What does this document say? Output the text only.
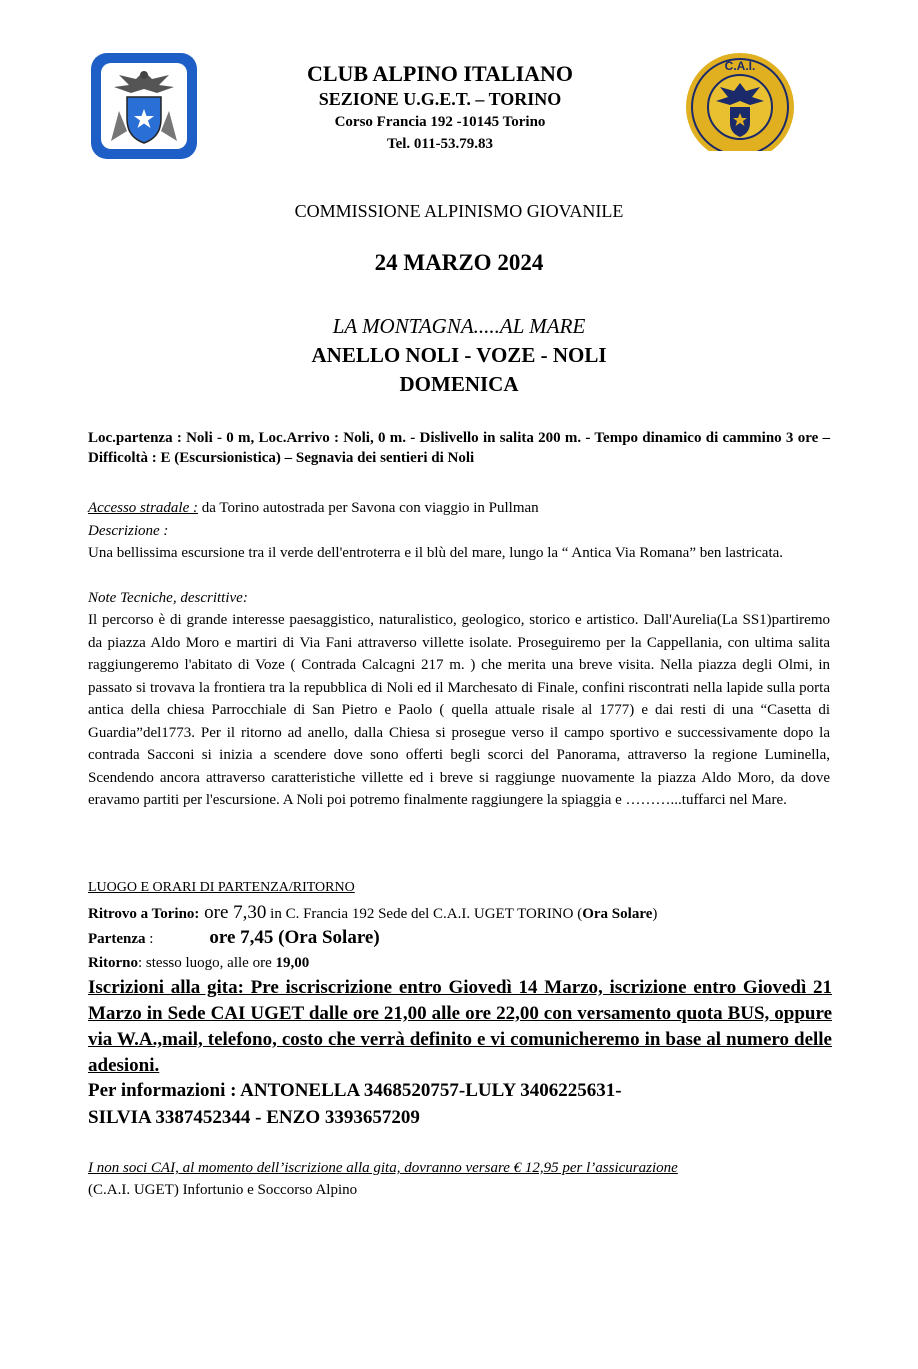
C.A.I.
CLUB ALPINO ITALIANO
SEZIONE U.G.E.T. – TORINO
Corso Francia 192 -10145 Torino
Tel. 011-53.79.83
COMMISSIONE ALPINISMO GIOVANILE
24 MARZO 2024
LA MONTAGNA.....AL MARE
ANELLO NOLI - VOZE - NOLI
DOMENICA
Loc.partenza : Noli - 0 m, Loc.Arrivo : Noli, 0 m. - Dislivello in salita 200 m. - Tempo dinamico di cammino 3 ore – Difficoltà : E (Escursionistica) – Segnavia dei sentieri di Noli

Accesso stradale : da Torino autostrada per Savona con viaggio in Pullman

Descrizione :

Una bellissima escursione tra il verde dell'entroterra e il blù del mare, lungo la “ Antica Via Romana” ben lastricata.

Note Tecniche, descrittive:

Il percorso è di grande interesse paesaggistico, naturalistico, geologico, storico e artistico. Dall'Aurelia(La SS1)partiremo da piazza Aldo Moro e martiri di Via Fani attraverso villette isolate. Proseguiremo per la Cappellania, con ultima salita raggiungeremo l'abitato di Voze ( Contrada Calcagni 217 m. ) che merita una breve visita. Nella piazza degli Olmi, in passato si trovava la frontiera tra la repubblica di Noli ed il Marchesato di Finale, confini riscontrati nella lapide sulla porta antica della chiesa Parrocchiale di San Pietro e Paolo ( quella attuale risale al 1777) e dai resti di una “Casetta di Guardia”del1773. Per il ritorno ad anello, dalla Chiesa si prosegue verso il campo sportivo e successivamente dopo la contrada Sacconi si inizia a scendere dove sono offerti begli scorci del Panorama, attraverso la regione Luminella, Scendendo ancora attraverso caratteristiche villette ed i breve si raggiunge nuovamente la piazza Aldo Moro, da dove eravamo partiti per l'escursione. A Noli poi potremo finalmente raggiungere la spiaggia e ………...tuffarci nel Mare.

LUOGO E ORARI DI PARTENZA/RITORNO
Ritrovo a Torino: ore 7,30 in C. Francia 192 Sede del C.A.I. UGET TORINO (Ora Solare)
Partenza :	ore 7,45 (Ora Solare)
Ritorno: stesso luogo, alle ore 19,00
Iscrizioni alla gita: Pre iscriscrizione entro Giovedì 14 Marzo, iscrizione entro Giovedì 21 Marzo in Sede CAI UGET dalle ore 21,00 alle ore 22,00 con versamento quota BUS, oppure via W.A.,mail, telefono, costo che verrà definito e vi comunicheremo in base al numero delle adesioni.
Per informazioni : ANTONELLA 3468520757-LULY 3406225631-
SILVIA 3387452344 - ENZO 3393657209
I non soci CAI, al momento dell’iscrizione alla gita, dovranno versare € 12,95 per l’assicurazione
(C.A.I. UGET) Infortunio e Soccorso Alpino
